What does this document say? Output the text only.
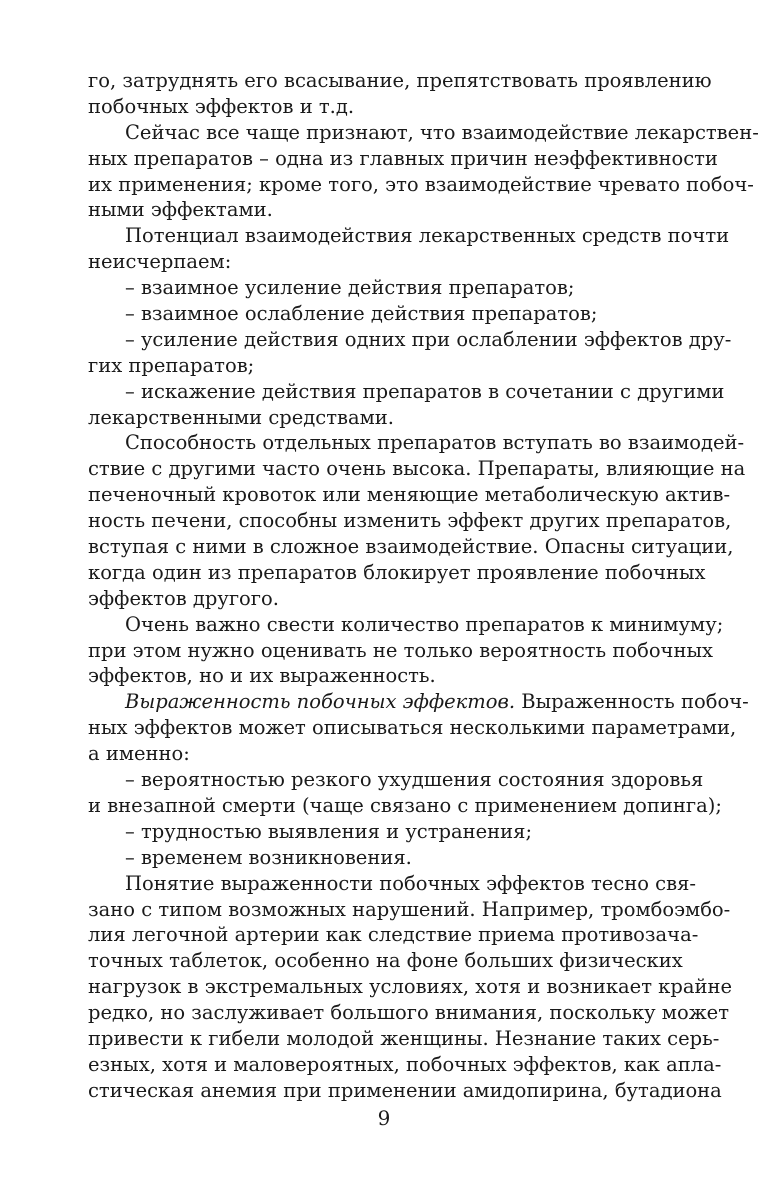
го, затруднять его всасывание, препятствовать проявлению
побочных эффектов и т.д.
Сейчас все чаще признают, что взаимодействие лекарствен-
ных препаратов – одна из главных причин неэффективности
их применения; кроме того, это взаимодействие чревато побоч-
ными эффектами.
Потенциал взаимодействия лекарственных средств почти
неисчерпаем:
– взаимное усиление действия препаратов;
– взаимное ослабление действия препаратов;
– усиление действия одних при ослаблении эффектов дру-
гих препаратов;
– искажение действия препаратов в сочетании с другими
лекарственными средствами.
Способность отдельных препаратов вступать во взаимодей-
ствие с другими часто очень высока. Препараты, влияющие на
печеночный кровоток или меняющие метаболическую актив-
ность печени, способны изменить эффект других препаратов,
вступая с ними в сложное взаимодействие. Опасны ситуации,
когда один из препаратов блокирует проявление побочных
эффектов другого.
Очень важно свести количество препаратов к минимуму;
при этом нужно оценивать не только вероятность побочных
эффектов, но и их выраженность.
Выраженность побочных эффектов. Выраженность побоч-
ных эффектов может описываться несколькими параметрами,
а именно:
– вероятностью резкого ухудшения состояния здоровья
и внезапной смерти (чаще связано с применением допинга);
– трудностью выявления и устранения;
– временем возникновения.
Понятие выраженности побочных эффектов тесно свя-
зано с типом возможных нарушений. Например, тромбоэмбо-
лия легочной артерии как следствие приема противозача-
точных таблеток, особенно на фоне больших физических
нагрузок в экстремальных условиях, хотя и возникает крайне
редко, но заслуживает большого внимания, поскольку может
привести к гибели молодой женщины. Незнание таких серь-
езных, хотя и маловероятных, побочных эффектов, как апла-
стическая анемия при применении амидопирина, бутадиона
9
